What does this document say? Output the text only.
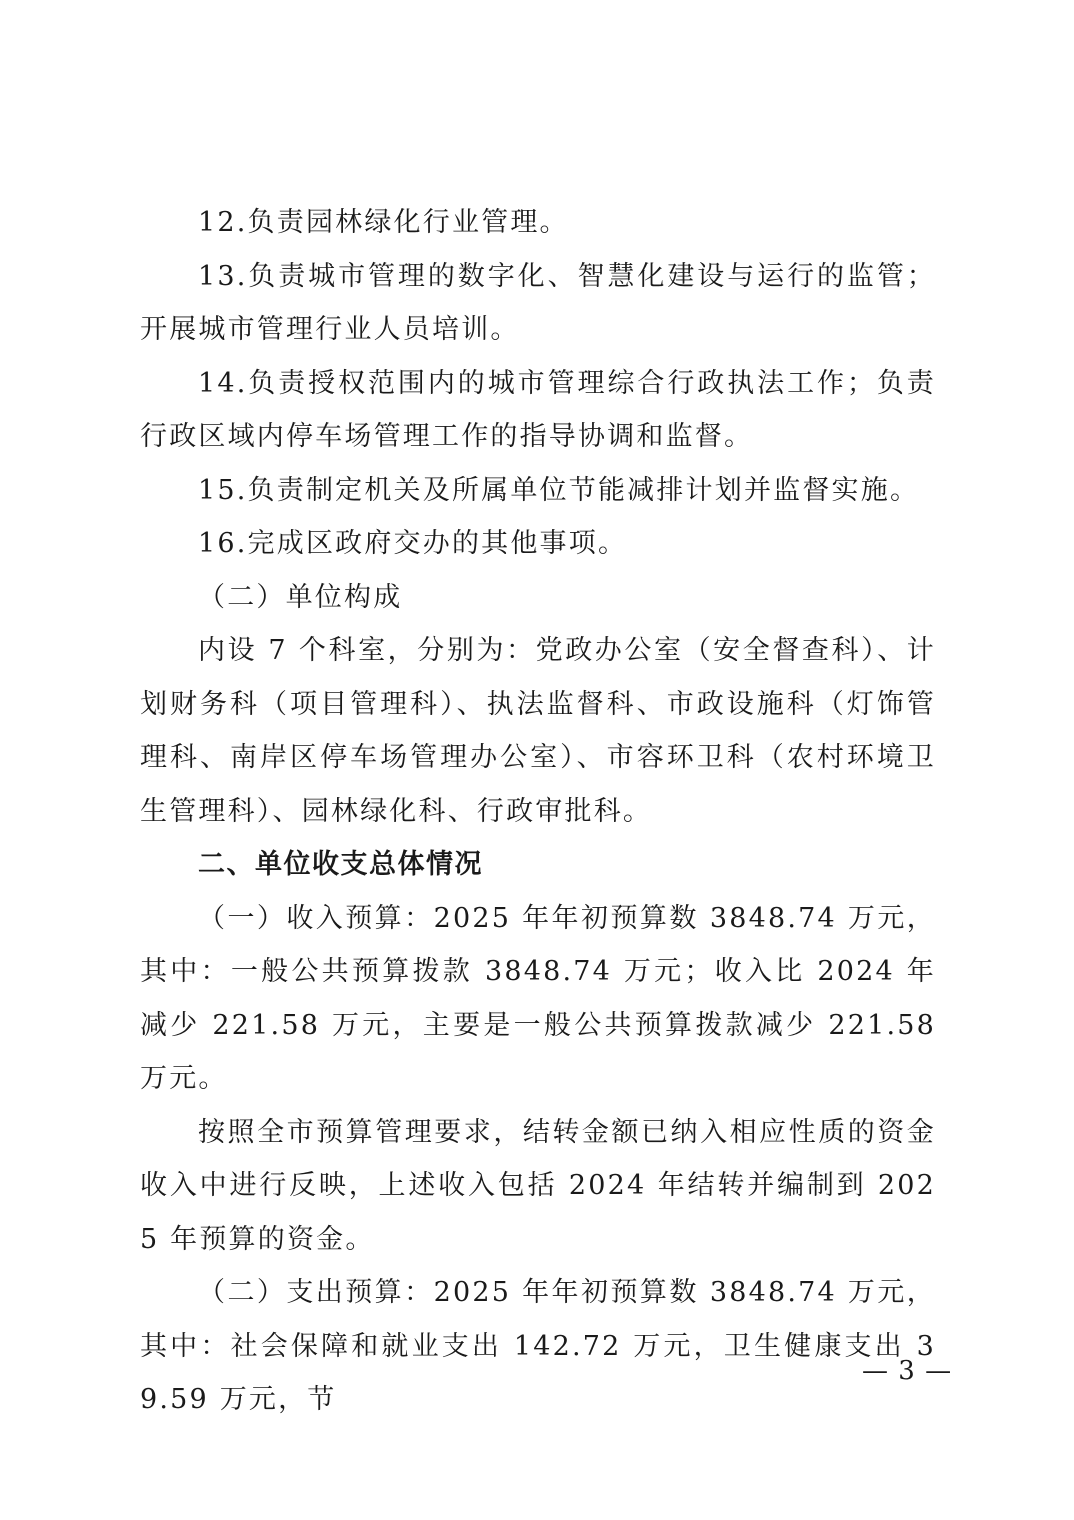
12.负责园林绿化行业管理。

13.负责城市管理的数字化、智慧化建设与运行的监管；开展城市管理行业人员培训。

14.负责授权范围内的城市管理综合行政执法工作；负责行政区域内停车场管理工作的指导协调和监督。

15.负责制定机关及所属单位节能减排计划并监督实施。

16.完成区政府交办的其他事项。

（二）单位构成

内设 7 个科室，分别为：党政办公室（安全督查科）、计划财务科（项目管理科）、执法监督科、市政设施科（灯饰管理科、南岸区停车场管理办公室）、市容环卫科（农村环境卫生管理科）、园林绿化科、行政审批科。

二、单位收支总体情况

（一）收入预算：2025 年年初预算数 3848.74 万元，其中：一般公共预算拨款 3848.74 万元；收入比 2024 年减少 221.58 万元，主要是一般公共预算拨款减少 221.58 万元。

按照全市预算管理要求，结转金额已纳入相应性质的资金收入中进行反映，上述收入包括 2024 年结转并编制到 2025 年预算的资金。

（二）支出预算：2025 年年初预算数 3848.74 万元，其中：社会保障和就业支出 142.72 万元，卫生健康支出 39.59 万元，节

— 3 —
